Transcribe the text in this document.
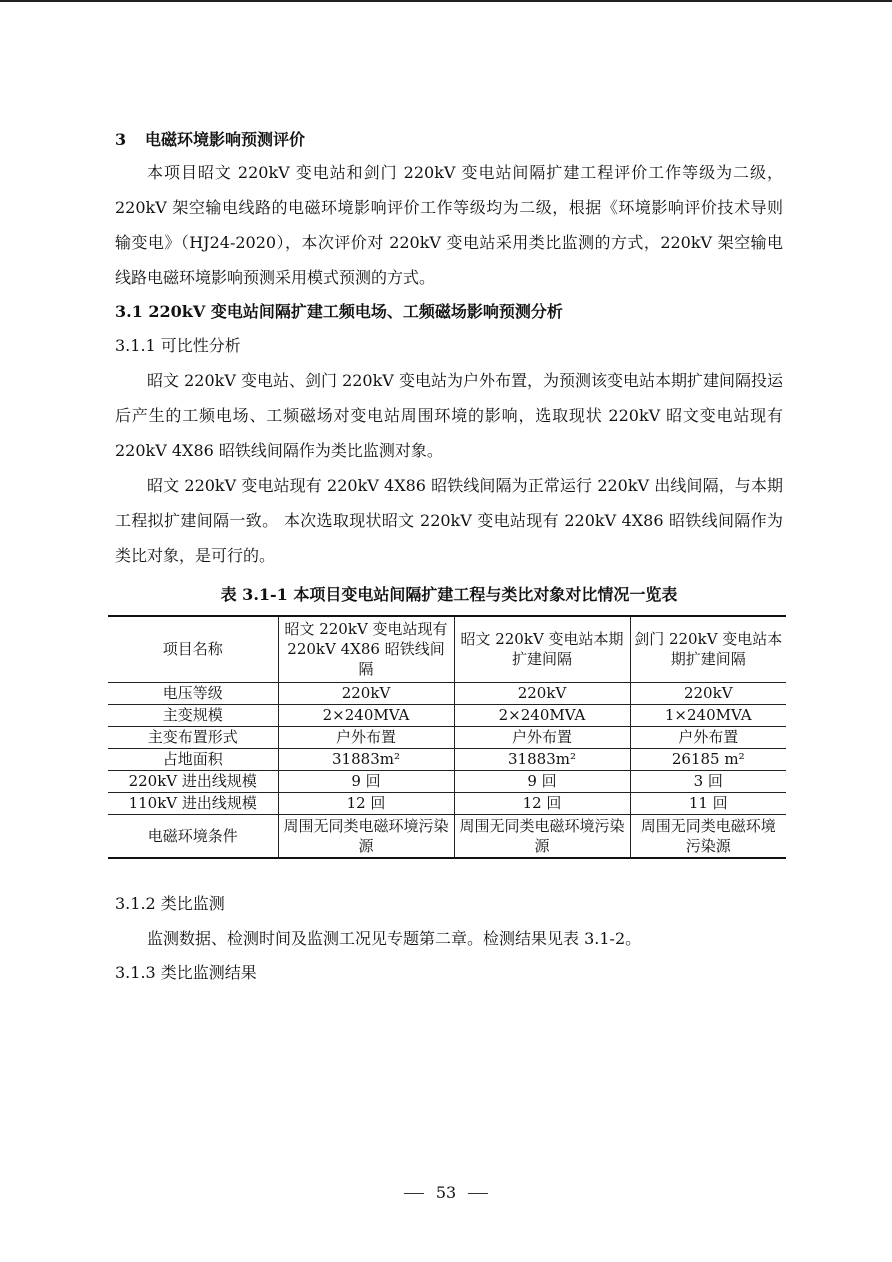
3 电磁环境影响预测评价

本项目昭文 220kV 变电站和剑门 220kV 变电站间隔扩建工程评价工作等级为二级，220kV 架空输电线路的电磁环境影响评价工作等级均为二级，根据《环境影响评价技术导则 输变电》（HJ24-2020），本次评价对 220kV 变电站采用类比监测的方式，220kV 架空输电线路电磁环境影响预测采用模式预测的方式。

3.1 220kV 变电站间隔扩建工频电场、工频磁场影响预测分析
3.1.1 可比性分析

昭文 220kV 变电站、剑门 220kV 变电站为户外布置，为预测该变电站本期扩建间隔投运后产生的工频电场、工频磁场对变电站周围环境的影响，选取现状 220kV 昭文变电站现有 220kV 4X86 昭铁线间隔作为类比监测对象。

昭文 220kV 变电站现有 220kV 4X86 昭铁线间隔为正常运行 220kV 出线间隔，与本期工程拟扩建间隔一致。 本次选取现状昭文 220kV 变电站现有 220kV 4X86 昭铁线间隔作为类比对象，是可行的。

表 3.1-1 本项目变电站间隔扩建工程与类比对象对比情况一览表
项目名称	昭文 220kV 变电站现有 220kV 4X86 昭铁线间隔	昭文 220kV 变电站本期扩建间隔	剑门 220kV 变电站本期扩建间隔
电压等级	220kV	220kV	220kV
主变规模	2×240MVA	2×240MVA	1×240MVA
主变布置形式	户外布置	户外布置	户外布置
占地面积	31883m²	31883m²	26185 m²
220kV 进出线规模	9 回	9 回	3 回
110kV 进出线规模	12 回	12 回	11 回
电磁环境条件	周围无同类电磁环境污染源	周围无同类电磁环境污染源	周围无同类电磁环境污染源
3.1.2 类比监测

监测数据、检测时间及监测工况见专题第二章。检测结果见表 3.1-2。

3.1.3 类比监测结果
53
